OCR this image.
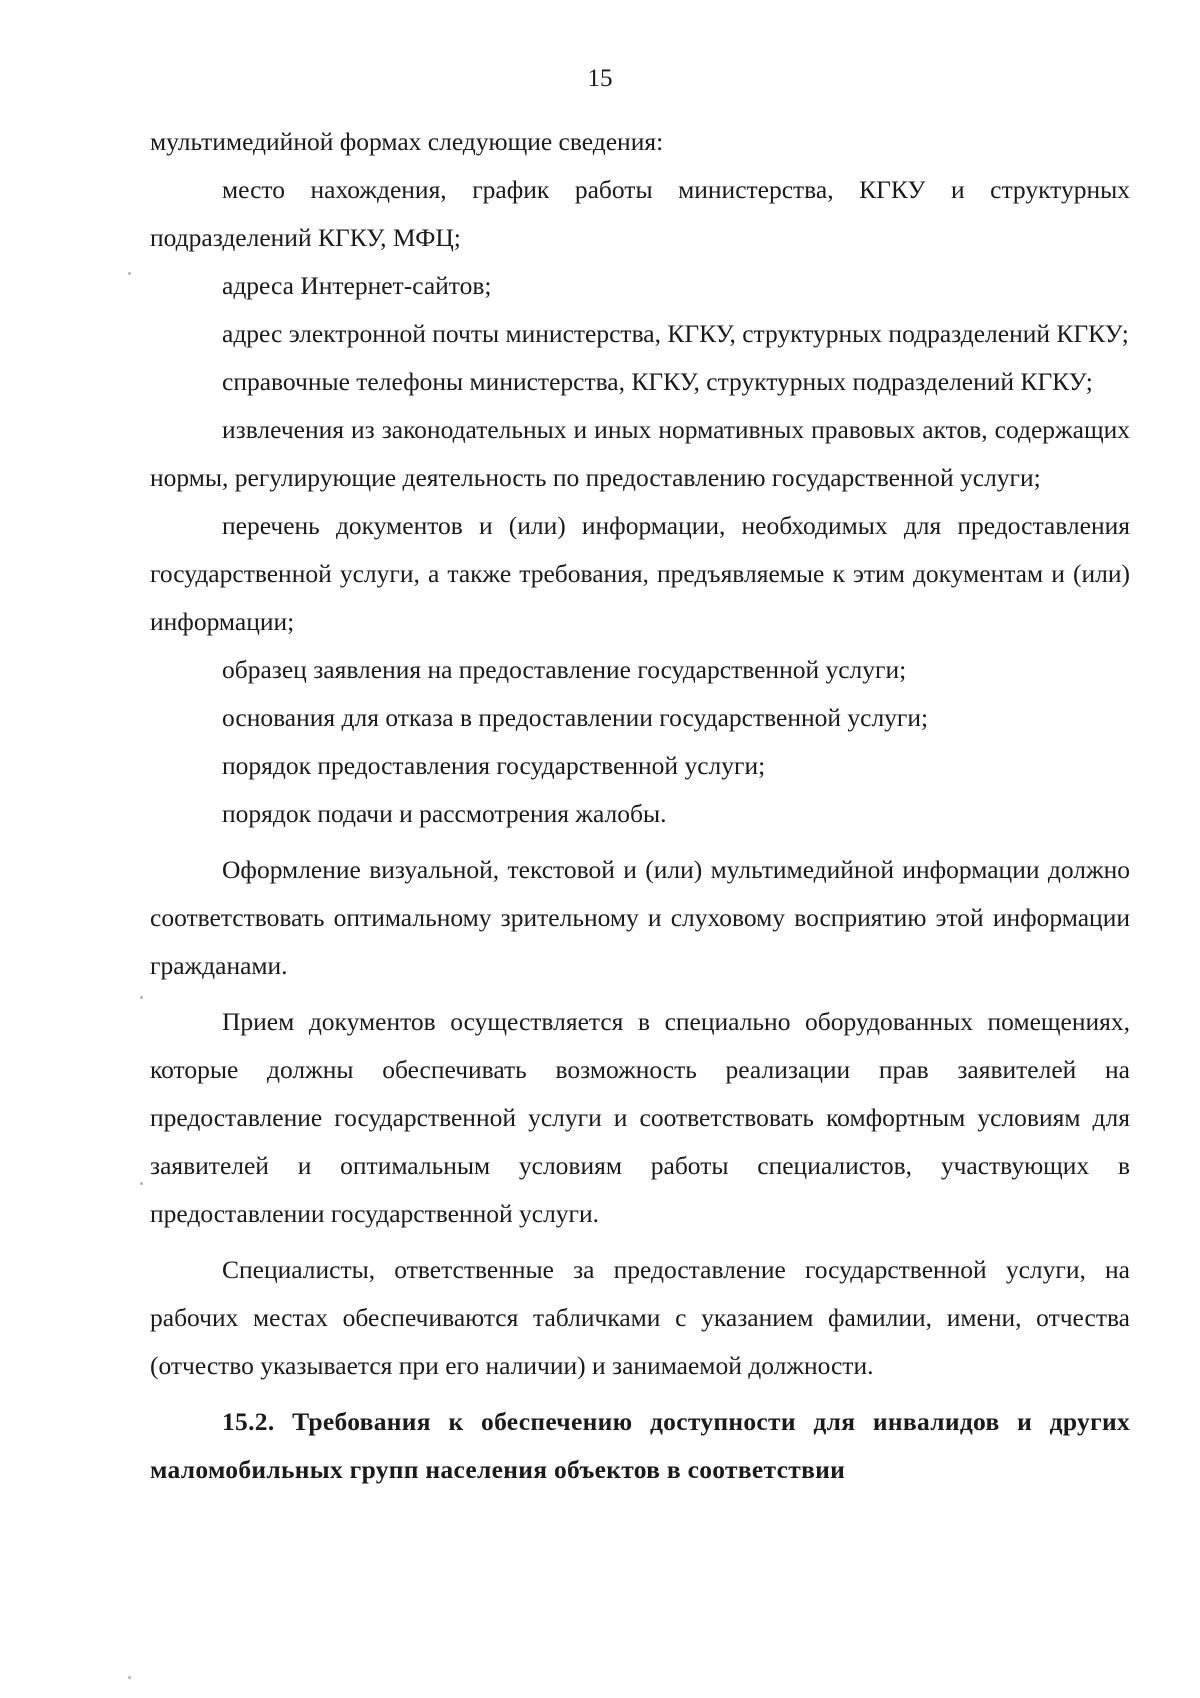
15

мультимедийной формах следующие сведения:

место нахождения, график работы министерства, КГКУ и структурных подразделений КГКУ, МФЦ;

адреса Интернет-сайтов;

адрес электронной почты министерства, КГКУ, структурных подразделений КГКУ;

справочные телефоны министерства, КГКУ, структурных подразделений КГКУ;

извлечения из законодательных и иных нормативных правовых актов, содержащих нормы, регулирующие деятельность по предоставлению государственной услуги;

перечень документов и (или) информации, необходимых для предоставления государственной услуги, а также требования, предъявляемые к этим документам и (или) информации;

образец заявления на предоставление государственной услуги;

основания для отказа в предоставлении государственной услуги;

порядок предоставления государственной услуги;

порядок подачи и рассмотрения жалобы.

Оформление визуальной, текстовой и (или) мультимедийной информации должно соответствовать оптимальному зрительному и слуховому восприятию этой информации гражданами.

Прием документов осуществляется в специально оборудованных помещениях, которые должны обеспечивать возможность реализации прав заявителей на предоставление государственной услуги и соответствовать комфортным условиям для заявителей и оптимальным условиям работы специалистов, участвующих в предоставлении государственной услуги.

Специалисты, ответственные за предоставление государственной услуги, на рабочих местах обеспечиваются табличками с указанием фамилии, имени, отчества (отчество указывается при его наличии) и занимаемой должности.

15.2. Требования к обеспечению доступности для инвалидов и других маломобильных групп населения объектов в соответствии
